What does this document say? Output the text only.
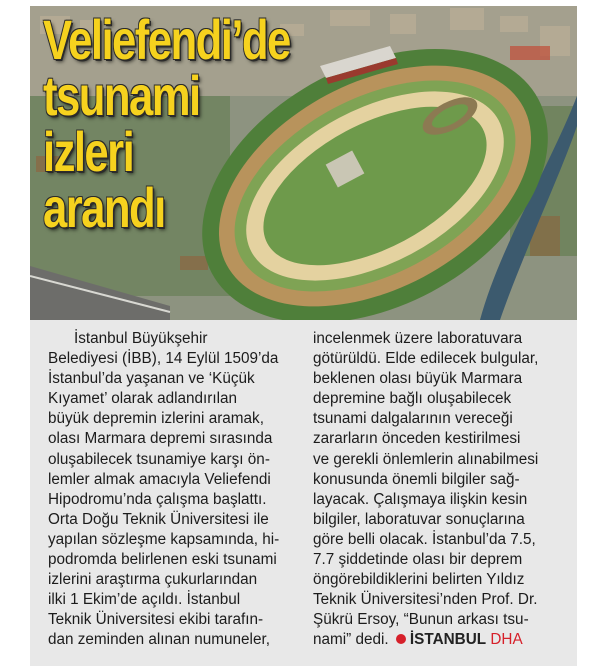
Veliefendi’de
tsunami
izleri
arandı

İstanbul Büyükşehir

Belediyesi (İBB), 14 Eylül 1509’da

İstanbul’da yaşanan ve ‘Küçük

Kıyamet’ olarak adlandırılan

büyük depremin izlerini aramak,

olası Marmara depremi sırasında

oluşabilecek tsunamiye karşı ön-

lemler almak amacıyla Veliefendi

Hipodromu’nda çalışma başlattı.

Orta Doğu Teknik Üniversitesi ile

yapılan sözleşme kapsamında, hi-

podromda belirlenen eski tsunami

izlerini araştırma çukurlarından

ilki 1 Ekim’de açıldı. İstanbul

Teknik Üniversitesi ekibi tarafın-

dan zeminden alınan numuneler,

incelenmek üzere laboratuvara

götürüldü. Elde edilecek bulgular,

beklenen olası büyük Marmara

depremine bağlı oluşabilecek

tsunami dalgalarının vereceği

zararların önceden kestirilmesi

ve gerekli önlemlerin alınabilmesi

konusunda önemli bilgiler sağ-

layacak. Çalışmaya ilişkin kesin

bilgiler, laboratuvar sonuçlarına

göre belli olacak. İstanbul’da 7.5,

7.7 şiddetinde olası bir deprem

öngörebildiklerini belirten Yıldız

Teknik Üniversitesi’nden Prof. Dr.

Şükrü Ersoy, “Bunun arkası tsu-

nami” dedi. İSTANBUL DHA
